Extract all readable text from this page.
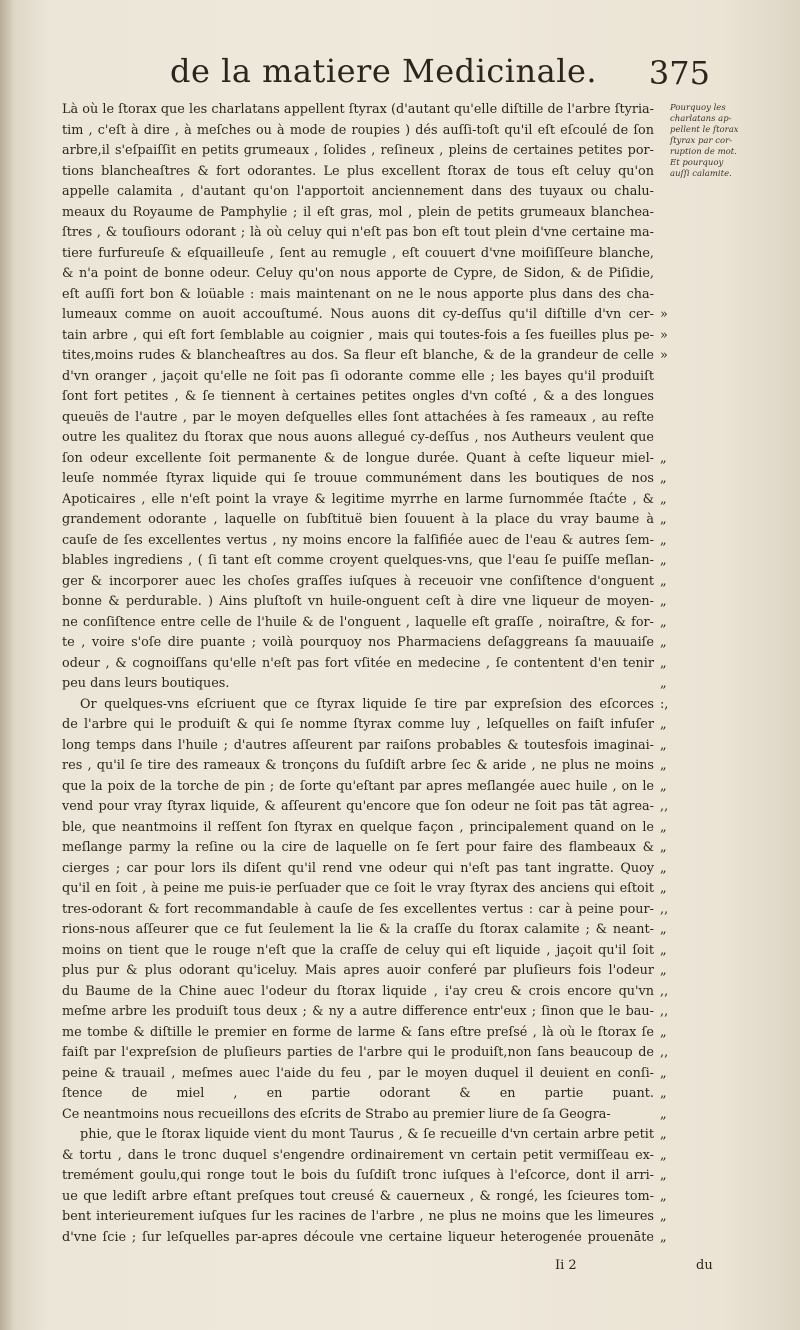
de la matiere Medicinale. 375
Là où le ſtorax que les charlatans appellent ſtyrax (d'autant qu'elle diſtille de l'arbre ſtyria-
tim , c'eſt à dire , à meſches ou à mode de roupies ) dés auſſi-toſt qu'il eſt eſcoulé de ſon
arbre,il s'eſpaiſſit en petits grumeaux , ſolides , reſineux , pleins de certaines petites por-
tions blancheaſtres & fort odorantes. Le plus excellent ſtorax de tous eſt celuy qu'on
appelle calamita , d'autant qu'on l'apportoit anciennement dans des tuyaux ou chalu-
meaux du Royaume de Pamphylie ; il eſt gras, mol , plein de petits grumeaux blanchea-
ſtres , & touſiours odorant ; là où celuy qui n'eſt pas bon eſt tout plein d'vne certaine ma-
tiere furfureuſe & eſquailleuſe , ſent au remugle , eſt couuert d'vne moiſiſſeure blanche,
& n'a point de bonne odeur. Celuy qu'on nous apporte de Cypre, de Sidon, & de Piſidie,
eſt auſſi fort bon & loüable : mais maintenant on ne le nous apporte plus dans des cha-
lumeaux comme on auoit accouſtumé. Nous auons dit cy-deſſus qu'il diſtille d'vn cer-
tain arbre , qui eſt fort ſemblable au coignier , mais qui toutes-fois a ſes fueilles plus pe-
tites,moins rudes & blancheaſtres au dos. Sa fleur eſt blanche, & de la grandeur de celle
d'vn oranger , jaçoit qu'elle ne ſoit pas ſi odorante comme elle ; les bayes qu'il produiſt
ſont fort petites , & ſe tiennent à certaines petites ongles d'vn coſté , & a des longues
queuës de l'autre , par le moyen deſquelles elles ſont attachées à ſes rameaux , au reſte
outre les qualitez du ſtorax que nous auons allegué cy-deſſus , nos Autheurs veulent que
ſon odeur excellente ſoit permanente & de longue durée. Quant à ceſte liqueur miel-
leuſe nommée ſtyrax liquide qui ſe trouue communément dans les boutiques de nos
Apoticaires , elle n'eſt point la vraye & legitime myrrhe en larme ſurnommée ſtaćte , &
grandement odorante , laquelle on ſubſtituë bien ſouuent à la place du vray baume à
cauſe de ſes excellentes vertus , ny moins encore la falſifiée auec de l'eau & autres ſem-
blables ingrediens , ( ſi tant eſt comme croyent quelques-vns, que l'eau ſe puiſſe meſlan-
ger & incorporer auec les choſes graſſes iuſques à receuoir vne conſiſtence d'onguent
bonne & perdurable. ) Ains pluſtoſt vn huile-onguent ceſt à dire vne liqueur de moyen-
ne conſiſtence entre celle de l'huile & de l'onguent , laquelle eſt graſſe , noiraſtre, & for-
te , voire s'oſe dire puante ; voilà pourquoy nos Pharmaciens deſaggreans ſa mauuaiſe
odeur , & cognoiſſans qu'elle n'eſt pas fort vſitée en medecine , ſe contentent d'en tenir
peu dans leurs boutiques.
Or quelques-vns eſcriuent que ce ſtyrax liquide ſe tire par expreſsion des eſcorces
de l'arbre qui le produiſt & qui ſe nomme ſtyrax comme luy , leſquelles on faiſt infuſer
long temps dans l'huile ; d'autres aſſeurent par raiſons probables & toutesfois imaginai-
res , qu'il ſe tire des rameaux & tronçons du ſuſdiſt arbre ſec & aride , ne plus ne moins
que la poix de la torche de pin ; de ſorte qu'eſtant par apres meſlangée auec huile , on le
vend pour vray ſtyrax liquide, & aſſeurent qu'encore que ſon odeur ne ſoit pas tāt agrea-
ble, que neantmoins il reſſent ſon ſtyrax en quelque façon , principalement quand on le
meſlange parmy la reſine ou la cire de laquelle on ſe ſert pour faire des flambeaux &
cierges ; car pour lors ils diſent qu'il rend vne odeur qui n'eſt pas tant ingratte. Quoy
qu'il en ſoit , à peine me puis-ie perſuader que ce ſoit le vray ſtyrax des anciens qui eſtoit
tres-odorant & fort recommandable à cauſe de ſes excellentes vertus : car à peine pour-
rions-nous aſſeurer que ce fut ſeulement la lie & la craſſe du ſtorax calamite ; & neant-
moins on tient que le rouge n'eſt que la craſſe de celuy qui eſt liquide , jaçoit qu'il ſoit
plus pur & plus odorant qu'iceluy. Mais apres auoir conferé par pluſieurs fois l'odeur
du Baume de la Chine auec l'odeur du ſtorax liquide , i'ay creu & crois encore qu'vn
meſme arbre les produiſt tous deux ; & ny a autre difference entr'eux ; ſinon que le bau-
me tombe & diſtille le premier en forme de larme & ſans eſtre preſsé , là où le ſtorax ſe
faiſt par l'expreſsion de pluſieurs parties de l'arbre qui le produiſt,non ſans beaucoup de
peine & trauail , meſmes auec l'aide du feu , par le moyen duquel il deuient en conſi-
ſtence de miel , en partie odorant & en partie puant.
Ce neantmoins nous recueillons des eſcrits de Strabo au premier liure de ſa Geogra-
phie, que le ſtorax liquide vient du mont Taurus , & ſe recueille d'vn certain arbre petit
& tortu , dans le tronc duquel s'engendre ordinairement vn certain petit vermiſſeau ex-
tremément goulu,qui ronge tout le bois du ſuſdiſt tronc iuſques à l'eſcorce, dont il arri-
ue que lediſt arbre eſtant preſques tout creusé & cauerneux , & rongé, les ſcieures tom-
bent interieurement iuſques ſur les racines de l'arbre , ne plus ne moins que les limeures
d'vne ſcie ; ſur leſquelles par-apres découle vne certaine liqueur heterogenée prouenāte
»
»
»
„
„
„
„
„
„
„
„
„
„
„
„
:,
„
„
„
„
,,
„
„
„
„
,,
„
„
„
,,
,,
„
,,
„
„
„
„
„
„
„
„
„
Pourquoy les
charlatans ap-
pellent le ſtorax
ſtyrax par cor-
ruption de mot.
Et pourquoy
auſſi calamite.
Ii 2	du
